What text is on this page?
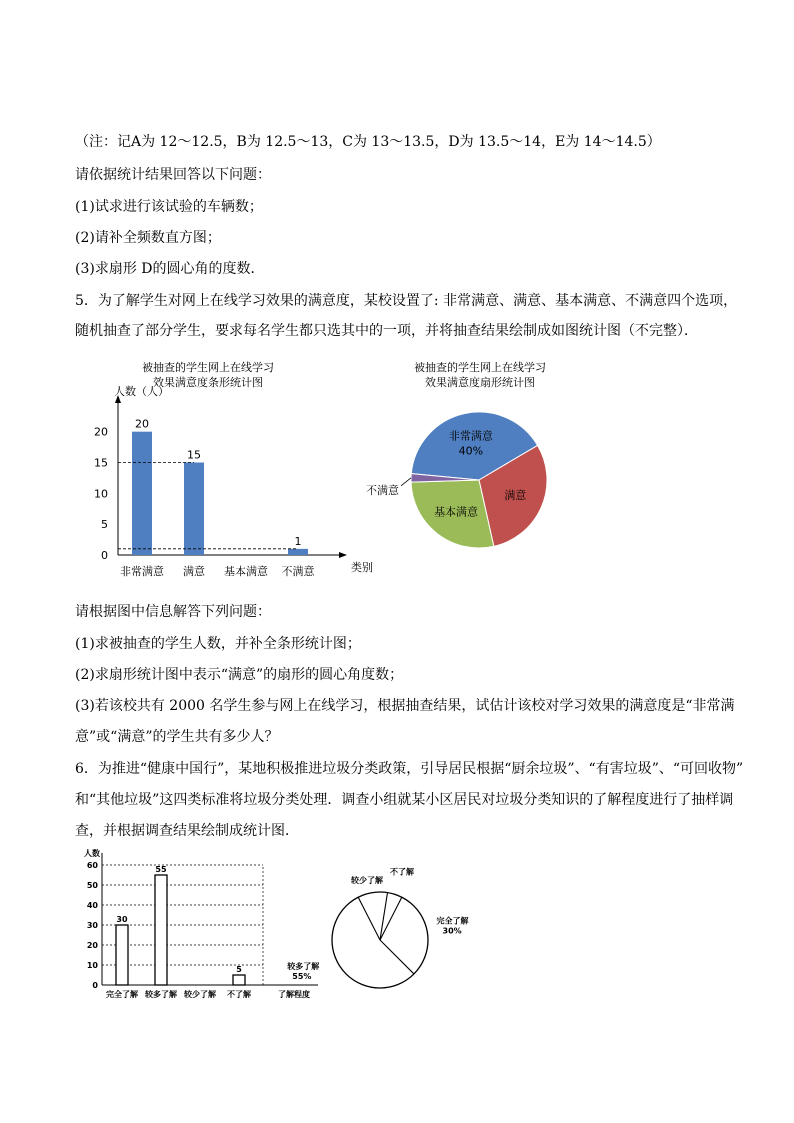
（注：记A为 12～12.5，B为 12.5～13，C为 13～13.5，D为 13.5～14，E为 14～14.5）
请依据统计结果回答以下问题：
(1)试求进行该试验的车辆数；
(2)请补全频数直方图；
(3)求扇形 D的圆心角的度数．
5．为了解学生对网上在线学习效果的满意度，某校设置了: 非常满意、满意、基本满意、不满意四个选项，
随机抽查了部分学生，要求每名学生都只选其中的一项，并将抽查结果绘制成如图统计图（不完整）．
被抽查的学生网上在线学习
效果满意度条形统计图
人数（人）
类别
0
5
10
15
20
非常满意
20
满意
15
基本满意 不满意
1
被抽查的学生网上在线学习
效果满意度扇形统计图
非常满意
40%
满意
基本满意
不满意
请根据图中信息解答下列问题：
(1)求被抽查的学生人数，并补全条形统计图；
(2)求扇形统计图中表示“满意”的扇形的圆心角度数；
(3)若该校共有 2000 名学生参与网上在线学习，根据抽查结果，试估计该校对学习效果的满意度是“非常满
意”或“满意”的学生共有多少人？
6．为推进“健康中国行”，某地积极推进垃圾分类政策，引导居民根据“厨余垃圾”、“有害垃圾”、“可回收物”
和“其他垃圾”这四类标准将垃圾分类处理．调查小组就某小区居民对垃圾分类知识的了解程度进行了抽样调
查，并根据调查结果绘制成统计图．
人数
了解程度
0
10
20
30
40
50
60
完全了解
30
较多了解
55
较少了解 不了解
5
完全了解
30%
较多了解
55%
较少了解
不了解
